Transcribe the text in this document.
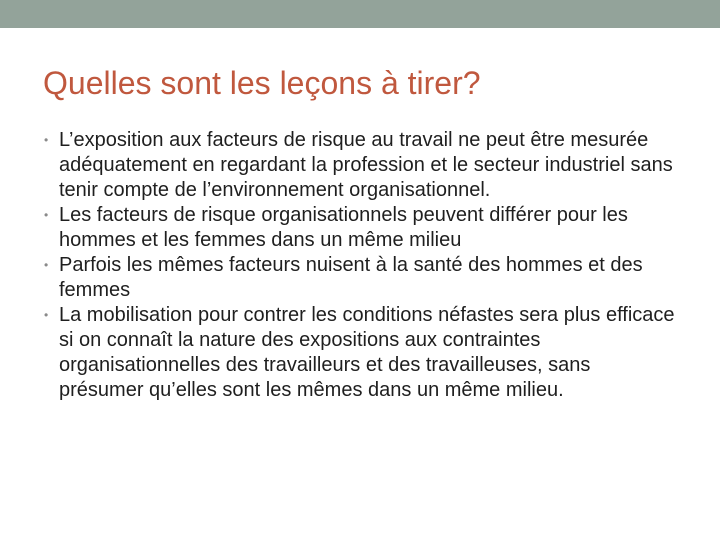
Quelles sont les leçons à tirer?
• L’exposition aux facteurs de risque au travail ne peut être mesurée adéquatement en regardant la profession et le secteur industriel sans tenir compte de l’environnement organisationnel.
• Les facteurs de risque organisationnels peuvent différer pour les hommes et les femmes dans un même milieu
• Parfois les mêmes facteurs nuisent à la santé des hommes et des femmes
• La mobilisation pour contrer les conditions néfastes sera plus efficace si on connaît la nature des expositions aux contraintes organisationnelles des travailleurs et des travailleuses, sans présumer qu’elles sont les mêmes dans un même milieu.
